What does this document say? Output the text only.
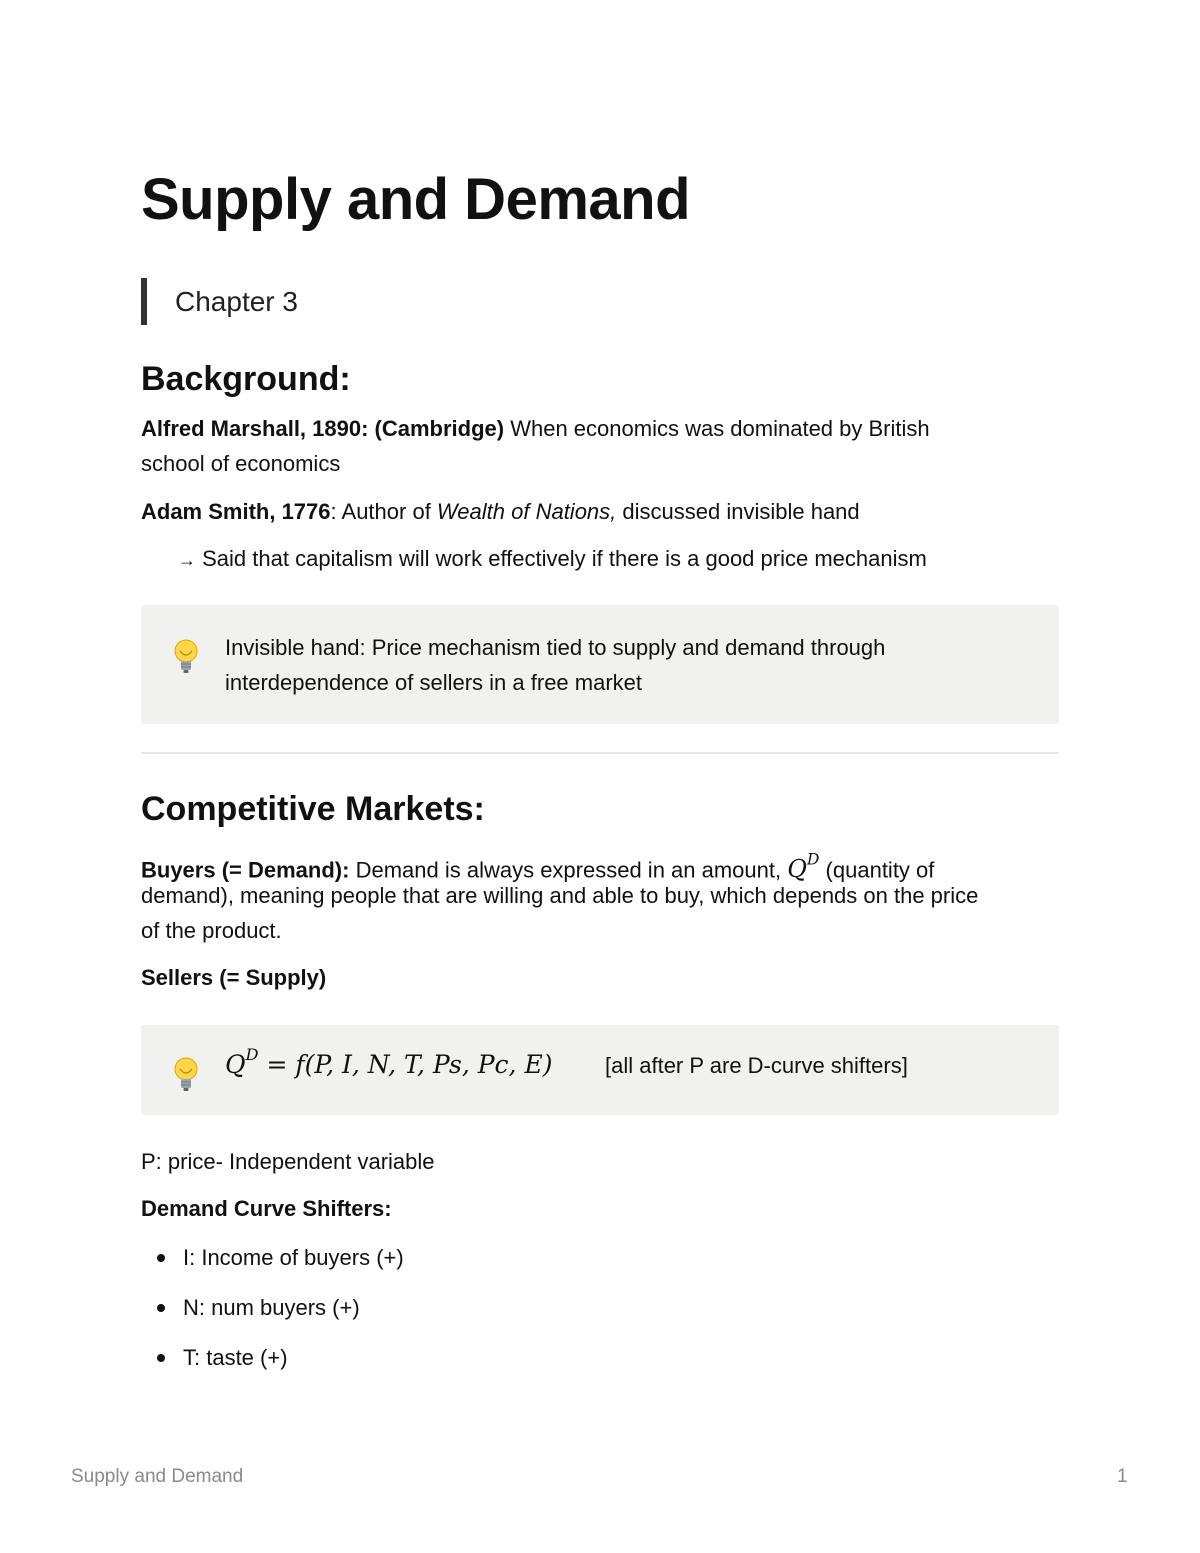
Supply and Demand
Chapter 3
Background:
Alfred Marshall, 1890: (Cambridge) When economics was dominated by British
school of economics
Adam Smith, 1776: Author of Wealth of Nations, discussed invisible hand
→ Said that capitalism will work effectively if there is a good price mechanism
Invisible hand: Price mechanism tied to supply and demand through
interdependence of sellers in a free market
Competitive Markets:
Buyers (= Demand): Demand is always expressed in an amount, $Q^D$ (quantity of
demand), meaning people that are willing and able to buy, which depends on the price
of the product.
Sellers (= Supply)
$Q^D = f(P$, I, N, T, Ps, Pc, E) [all after P are D-curve shifters]
P: price- Independent variable
Demand Curve Shifters:
I: Income of buyers (+)
N: num buyers (+)
T: taste (+)
Supply and Demand	1
